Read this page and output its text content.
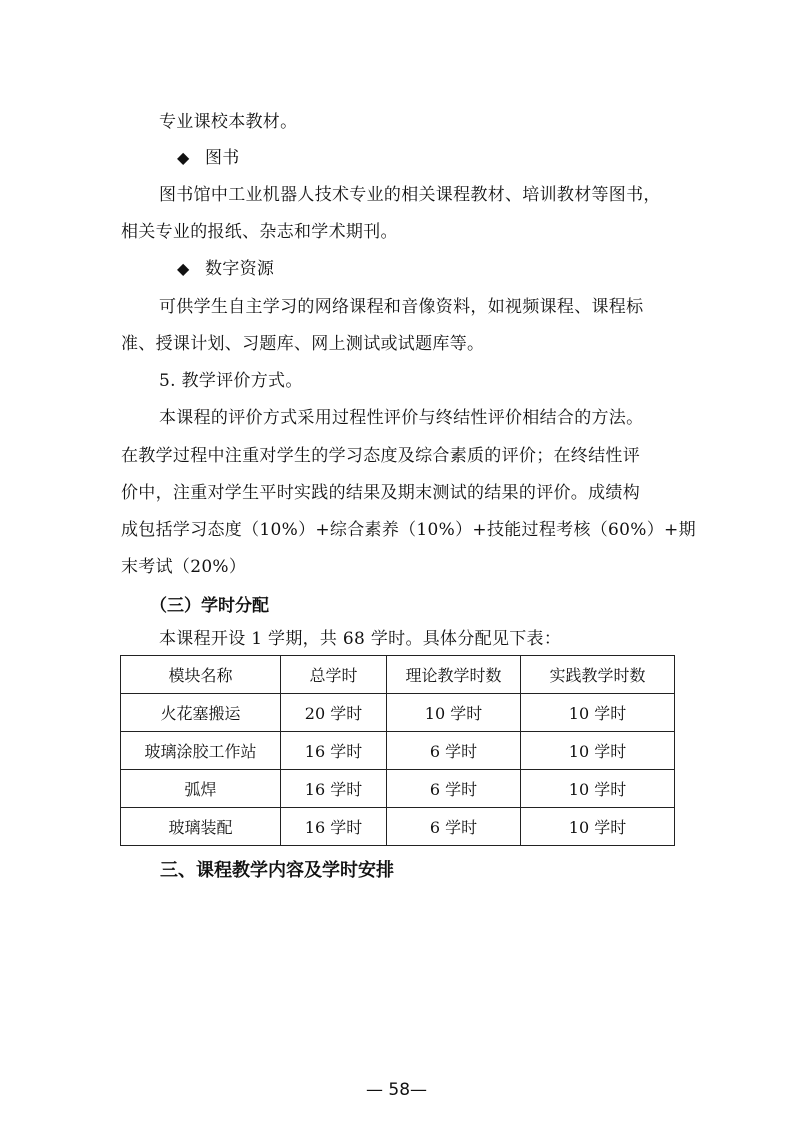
专业课校本教材。
◆ 图书
图书馆中工业机器人技术专业的相关课程教材、培训教材等图书，
相关专业的报纸、杂志和学术期刊。
◆ 数字资源
可供学生自主学习的网络课程和音像资料，如视频课程、课程标
准、授课计划、习题库、网上测试或试题库等。
5. 教学评价方式。
本课程的评价方式采用过程性评价与终结性评价相结合的方法。
在教学过程中注重对学生的学习态度及综合素质的评价；在终结性评
价中，注重对学生平时实践的结果及期末测试的结果的评价。成绩构
成包括学习态度（10%）+综合素养（10%）+技能过程考核（60%）+期
末考试（20%）
（三）学时分配
本课程开设 1 学期，共 68 学时。具体分配见下表：
模块名称	总学时	理论教学时数	实践教学时数
火花塞搬运	20 学时	10 学时	10 学时
玻璃涂胶工作站	16 学时	6 学时	10 学时
弧焊	16 学时	6 学时	10 学时
玻璃装配	16 学时	6 学时	10 学时
三、课程教学内容及学时安排
— 58—
